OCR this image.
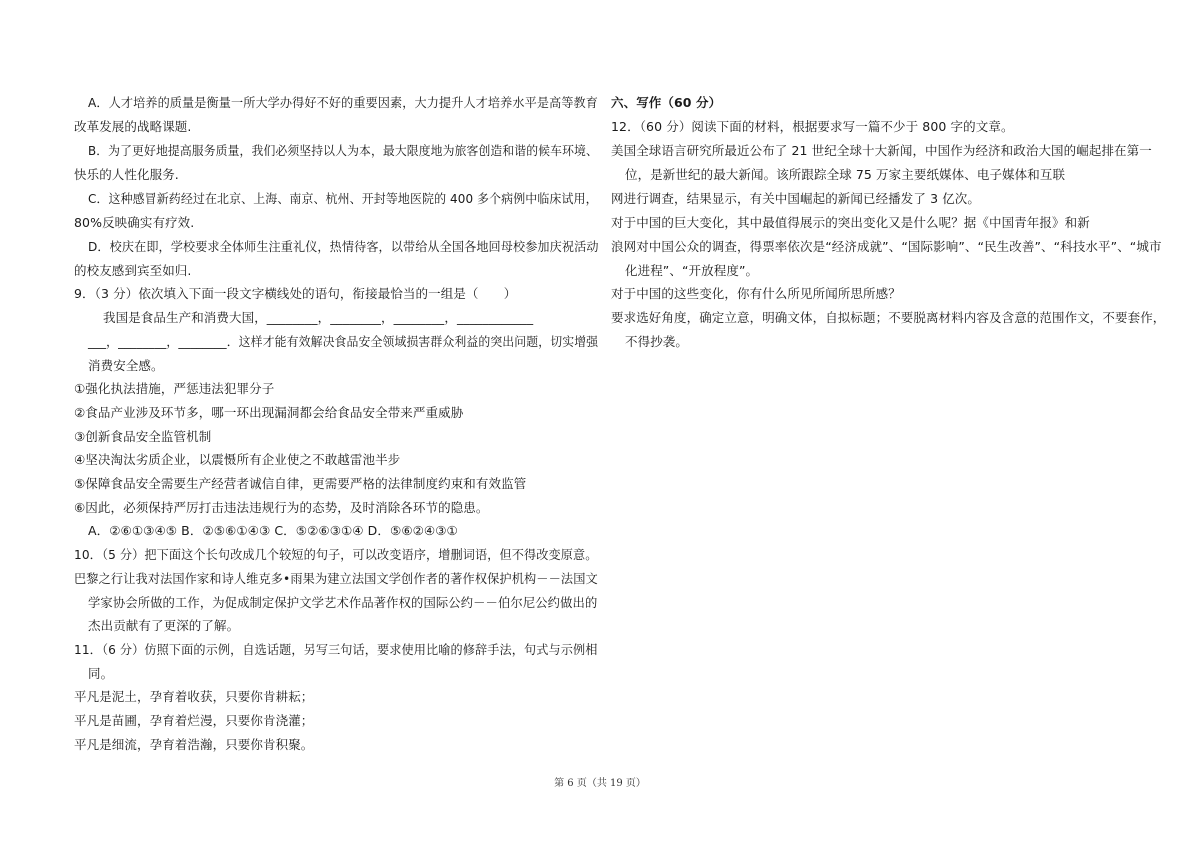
A．人才培养的质量是衡量一所大学办得好不好的重要因素，大力提升人才培养水平是高等教育
改革发展的战略课题.
B．为了更好地提高服务质量，我们必须坚持以人为本，最大限度地为旅客创造和谐的候车环境、
快乐的人性化服务.
C．这种感冒新药经过在北京、上海、南京、杭州、开封等地医院的 400 多个病例中临床试用，
80%反映确实有疗效.
D．校庆在即，学校要求全体师生注重礼仪，热情待客，以带给从全国各地回母校参加庆祝活动
的校友感到宾至如归.
9．（3 分）依次填入下面一段文字横线处的语句，衔接最恰当的一组是（　　）
我国是食品生产和消费大国，________，________，________，____________
___，________，________．这样才能有效解决食品安全领域损害群众利益的突出问题，切实增强
消费安全感。
①强化执法措施，严惩违法犯罪分子
②食品产业涉及环节多，哪一环出现漏洞都会给食品安全带来严重威胁
③创新食品安全监管机制
④坚决淘汰劣质企业，以震慑所有企业使之不敢越雷池半步
⑤保障食品安全需要生产经营者诚信自律，更需要严格的法律制度约束和有效监管
⑥因此，必须保持严厉打击违法违规行为的态势，及时消除各环节的隐患。
A．②⑥①③④⑤ B．②⑤⑥①④③ C．⑤②⑥③①④ D．⑤⑥②④③①
10．（5 分）把下面这个长句改成几个较短的句子，可以改变语序，增删词语，但不得改变原意。
巴黎之行让我对法国作家和诗人维克多•雨果为建立法国文学创作者的著作权保护机构－－法国文
学家协会所做的工作，为促成制定保护文学艺术作品著作权的国际公约－－伯尔尼公约做出的
杰出贡献有了更深的了解。
11．（6 分）仿照下面的示例，自选话题，另写三句话，要求使用比喻的修辞手法，句式与示例相
同。
平凡是泥土，孕育着收获，只要你肯耕耘；
平凡是苗圃，孕育着烂漫，只要你肯浇灌；
平凡是细流，孕育着浩瀚，只要你肯积聚。
六、写作（60 分）
12．（60 分）阅读下面的材料，根据要求写一篇不少于 800 字的文章。
美国全球语言研究所最近公布了 21 世纪全球十大新闻，中国作为经济和政治大国的崛起排在第一
位，是新世纪的最大新闻。该所跟踪全球 75 万家主要纸媒体、电子媒体和互联
网进行调查，结果显示，有关中国崛起的新闻已经播发了 3 亿次。
对于中国的巨大变化，其中最值得展示的突出变化又是什么呢？据《中国青年报》和新
浪网对中国公众的调查，得票率依次是“经济成就”、“国际影响”、“民生改善”、“科技水平”、“城市
化进程”、“开放程度”。
对于中国的这些变化，你有什么所见所闻所思所感？
要求选好角度，确定立意，明确文体，自拟标题；不要脱离材料内容及含意的范围作文，不要套作，
不得抄袭。
第 6 页（共 19 页）
